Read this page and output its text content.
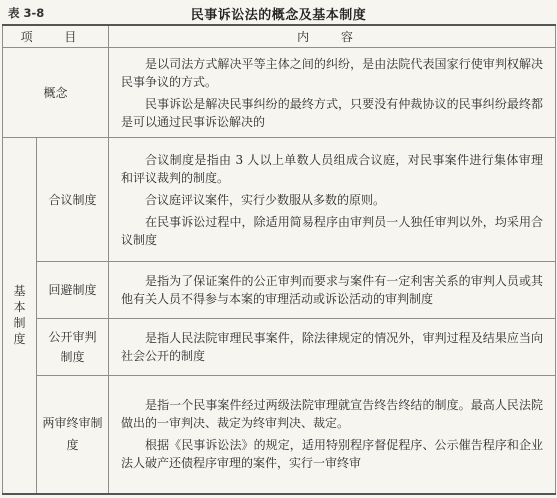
表 3-8	民事诉讼法的概念及基本制度
项 目		内 容
概念		是以司法方式解决平等主体之间的纠纷，是由法院代表国家行使审判权解决民事争议的方式。

民事诉讼是解决民事纠纷的最终方式，只要没有仲裁协议的民事纠纷最终都是可以通过民事诉讼解决的

基本制度	合议制度	合议制度是指由 3 人以上单数人员组成合议庭，对民事案件进行集体审理和评议裁判的制度。

合议庭评议案件，实行少数服从多数的原则。

在民事诉讼过程中，除适用简易程序由审判员一人独任审判以外，均采用合议制度

	回避制度	是指为了保证案件的公正审判而要求与案件有一定利害关系的审判人员或其他有关人员不得参与本案的审理活动或诉讼活动的审判制度

	公开审判制度	是指人民法院审理民事案件，除法律规定的情况外，审判过程及结果应当向社会公开的制度

	两审终审制度	是指一个民事案件经过两级法院审理就宣告终告终结的制度。最高人民法院做出的一审判决、裁定为终审判决、裁定。

根据《民事诉讼法》的规定，适用特别程序督促程序、公示催告程序和企业法人破产还债程序审理的案件，实行一审终审
